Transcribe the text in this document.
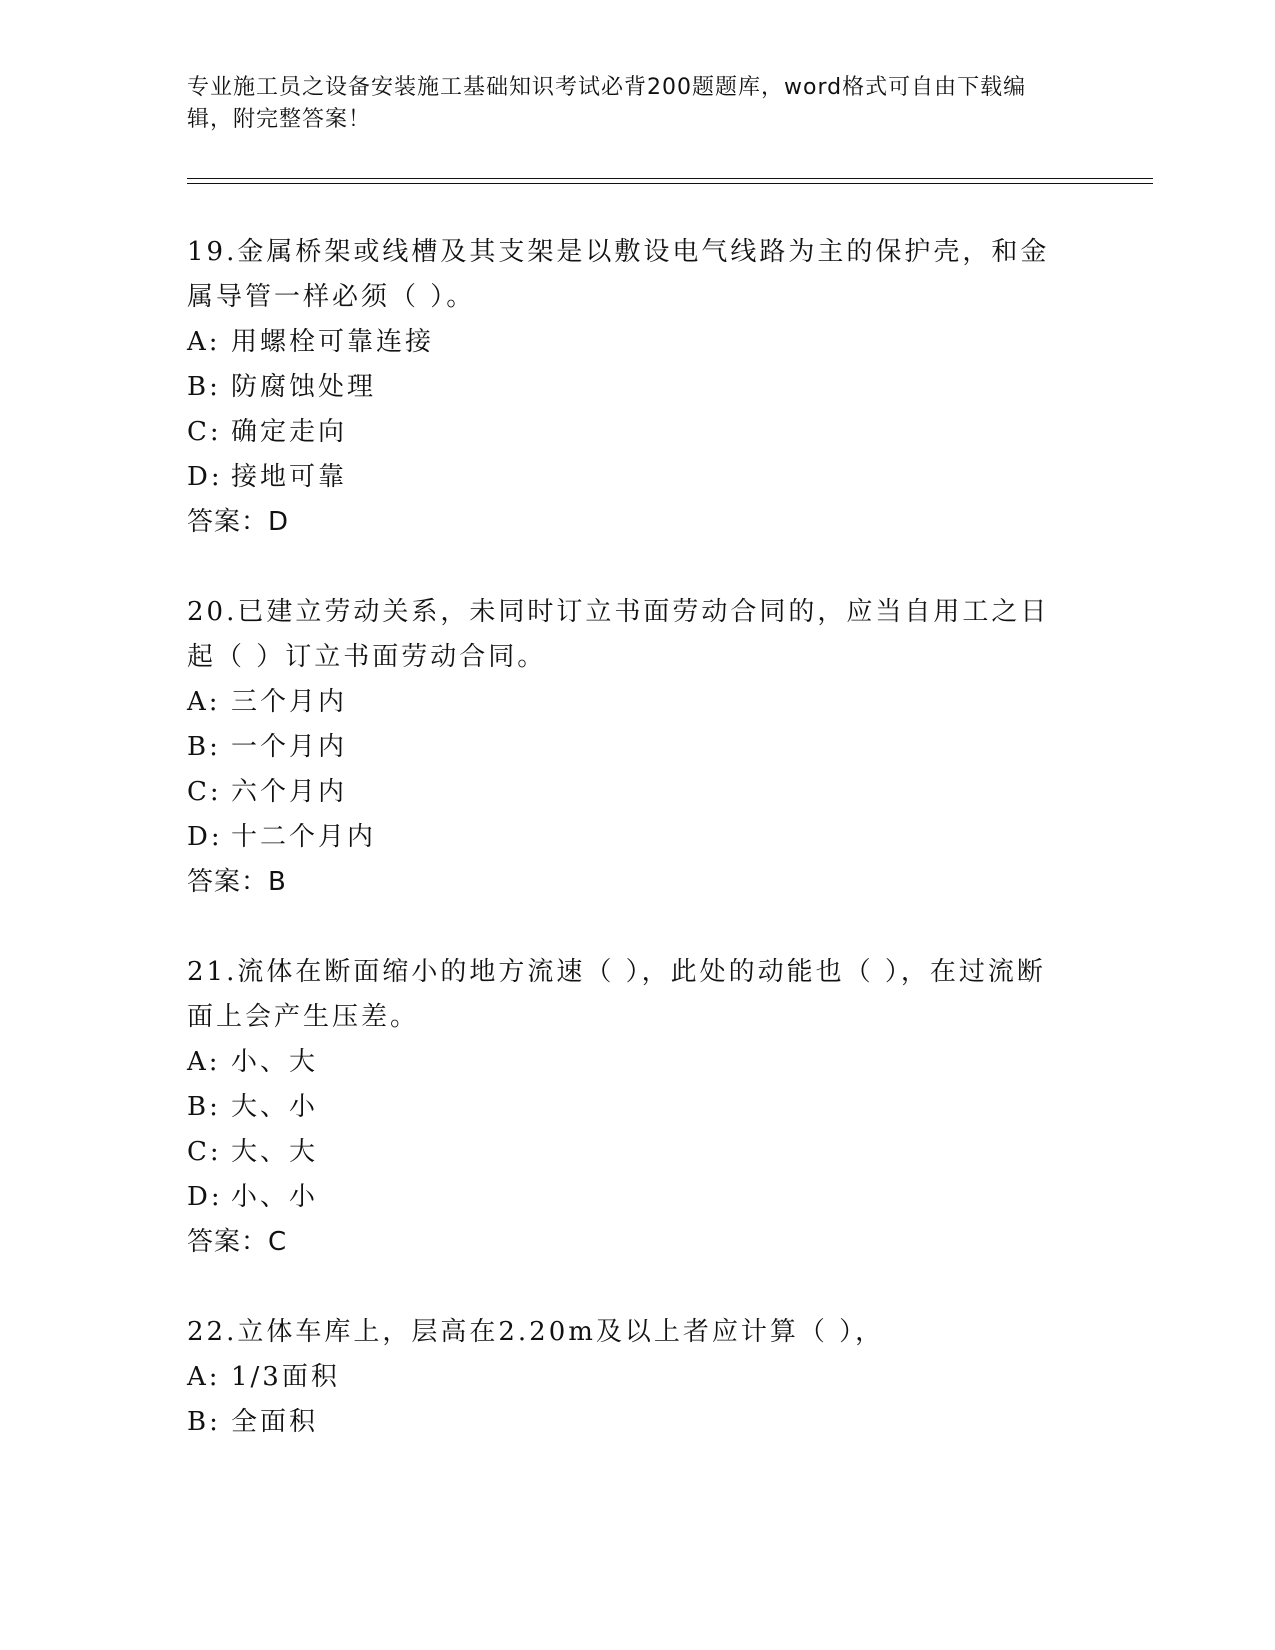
专业施工员之设备安装施工基础知识考试必背200题题库，word格式可自由下载编辑，附完整答案！

19.金属桥架或线槽及其支架是以敷设电气线路为主的保护壳，和金属导管一样必须（ ）。

A: 用螺栓可靠连接

B: 防腐蚀处理

C: 确定走向

D: 接地可靠

答案：D

20.已建立劳动关系，未同时订立书面劳动合同的，应当自用工之日起（ ）订立书面劳动合同。

A: 三个月内

B: 一个月内

C: 六个月内

D: 十二个月内

答案：B

21.流体在断面缩小的地方流速（ ），此处的动能也（ ），在过流断面上会产生压差。

A: 小、大

B: 大、小

C: 大、大

D: 小、小

答案：C

22.立体车库上，层高在2.20m及以上者应计算（ ），

A: 1/3面积

B: 全面积
